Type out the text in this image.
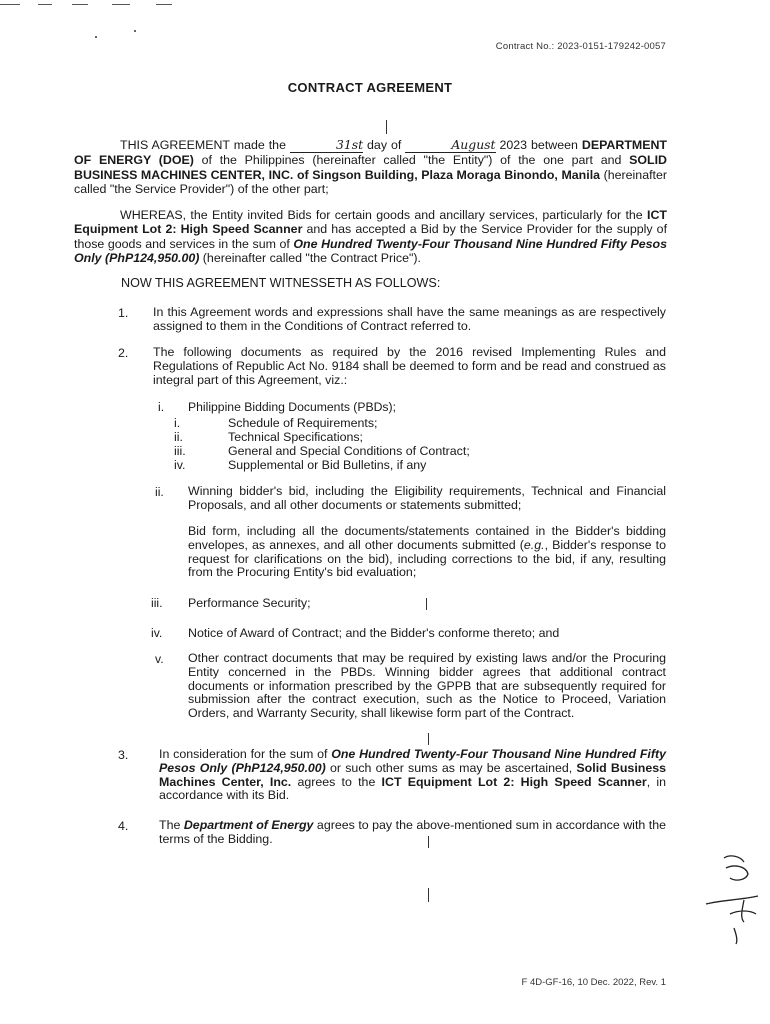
Contract No.: 2023-0151-179242-0057
CONTRACT AGREEMENT
THIS AGREEMENT made the	31st day of	August 2023 between DEPARTMENT OF ENERGY (DOE) of the Philippines (hereinafter called "the Entity") of the one part and SOLID BUSINESS MACHINES CENTER, INC. of Singson Building, Plaza Moraga Binondo, Manila (hereinafter called "the Service Provider") of the other part;
WHEREAS, the Entity invited Bids for certain goods and ancillary services, particularly for the ICT Equipment Lot 2: High Speed Scanner and has accepted a Bid by the Service Provider for the supply of those goods and services in the sum of One Hundred Twenty-Four Thousand Nine Hundred Fifty Pesos Only (PhP124,950.00) (hereinafter called "the Contract Price").
NOW THIS AGREEMENT WITNESSETH AS FOLLOWS:
1. In this Agreement words and expressions shall have the same meanings as are respectively assigned to them in the Conditions of Contract referred to.
2. The following documents as required by the 2016 revised Implementing Rules and Regulations of Republic Act No. 9184 shall be deemed to form and be read and construed as integral part of this Agreement, viz.:
i. Philippine Bidding Documents (PBDs);
i.	Schedule of Requirements;
ii.	Technical Specifications;
iii.	General and Special Conditions of Contract;
iv.	Supplemental or Bid Bulletins, if any
ii. Winning bidder's bid, including the Eligibility requirements, Technical and Financial Proposals, and all other documents or statements submitted;
Bid form, including all the documents/statements contained in the Bidder's bidding envelopes, as annexes, and all other documents submitted (e.g., Bidder's response to request for clarifications on the bid), including corrections to the bid, if any, resulting from the Procuring Entity's bid evaluation;
iii. Performance Security;
iv. Notice of Award of Contract; and the Bidder's conforme thereto; and
v. Other contract documents that may be required by existing laws and/or the Procuring Entity concerned in the PBDs. Winning bidder agrees that additional contract documents or information prescribed by the GPPB that are subsequently required for submission after the contract execution, such as the Notice to Proceed, Variation Orders, and Warranty Security, shall likewise form part of the Contract.
3. In consideration for the sum of One Hundred Twenty-Four Thousand Nine Hundred Fifty Pesos Only (PhP124,950.00) or such other sums as may be ascertained, Solid Business Machines Center, Inc. agrees to the ICT Equipment Lot 2: High Speed Scanner, in accordance with its Bid.
4. The Department of Energy agrees to pay the above-mentioned sum in accordance with the terms of the Bidding.
F 4D-GF-16, 10 Dec. 2022, Rev. 1
